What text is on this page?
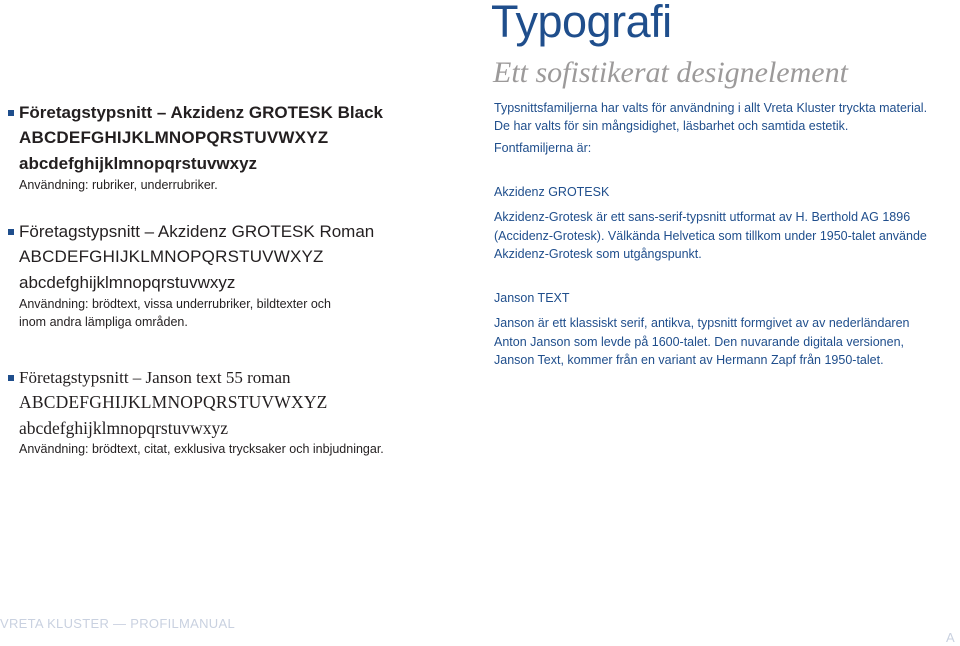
Företagstypsnitt – Akzidenz GROTESK Black
ABCDEFGHIJKLMNOPQRSTUVWXYZ
abcdefghijklmnopqrstuvwxyz
Användning: rubriker, underrubriker.
Företagstypsnitt – Akzidenz GROTESK Roman
ABCDEFGHIJKLMNOPQRSTUVWXYZ
abcdefghijklmnopqrstuvwxyz
Användning: brödtext, vissa underrubriker, bildtexter och inom andra lämpliga områden.
Företagstypsnitt – Janson text 55 roman
ABCDEFGHIJKLMNOPQRSTUVWXYZ
abcdefghijklmnopqrstuvwxyz
Användning: brödtext, citat, exklusiva trycksaker och inbjudningar.
Typografi
Ett sofistikerat designelement
Typsnittsfamiljerna har valts för användning i allt Vreta Kluster tryckta material. De har valts för sin mångsidighet, läsbarhet och samtida estetik.
Fontfamiljerna är:
Akzidenz GROTESK
Akzidenz-Grotesk är ett sans-serif-typsnitt utformat av H. Berthold AG 1896 (Accidenz-Grotesk). Välkända Helvetica som tillkom under 1950-talet använde Akzidenz-Grotesk som utgångspunkt.
Janson TEXT
Janson är ett klassiskt serif, antikva, typsnitt formgivet av av nederländaren Anton Janson som levde på 1600-talet. Den nuvarande digitala versionen, Janson Text, kommer från en variant av Hermann Zapf från 1950-talet.
VRETA KLUSTER — PROFILMANUAL
A
